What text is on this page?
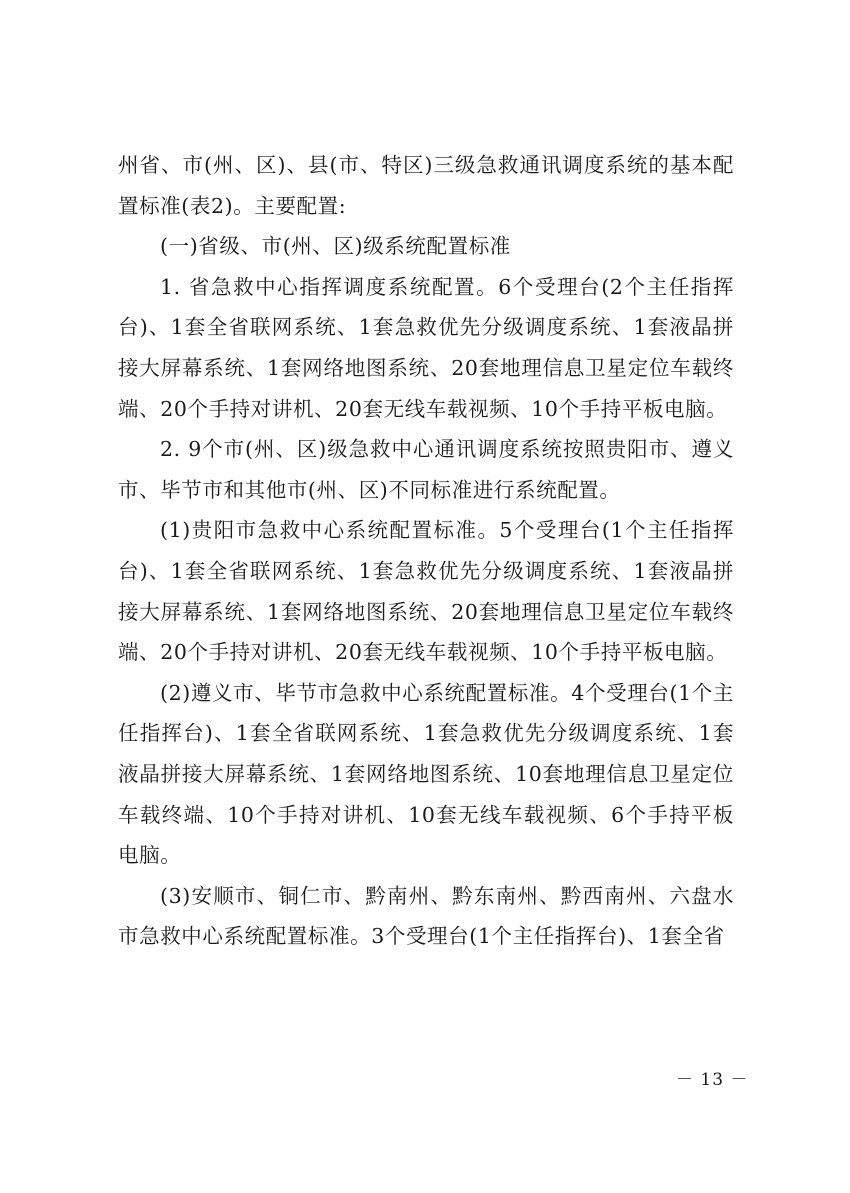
州省、市(州、区)、县(市、特区)三级急救通讯调度系统的基本配置标准(表2)。主要配置:

(一)省级、市(州、区)级系统配置标准

1. 省急救中心指挥调度系统配置。6个受理台(2个主任指挥台)、1套全省联网系统、1套急救优先分级调度系统、1套液晶拼接大屏幕系统、1套网络地图系统、20套地理信息卫星定位车载终端、20个手持对讲机、20套无线车载视频、10个手持平板电脑。

2. 9个市(州、区)级急救中心通讯调度系统按照贵阳市、遵义市、毕节市和其他市(州、区)不同标准进行系统配置。

(1)贵阳市急救中心系统配置标准。5个受理台(1个主任指挥台)、1套全省联网系统、1套急救优先分级调度系统、1套液晶拼接大屏幕系统、1套网络地图系统、20套地理信息卫星定位车载终端、20个手持对讲机、20套无线车载视频、10个手持平板电脑。

(2)遵义市、毕节市急救中心系统配置标准。4个受理台(1个主任指挥台)、1套全省联网系统、1套急救优先分级调度系统、1套液晶拼接大屏幕系统、1套网络地图系统、10套地理信息卫星定位车载终端、10个手持对讲机、10套无线车载视频、6个手持平板电脑。

(3)安顺市、铜仁市、黔南州、黔东南州、黔西南州、六盘水市急救中心系统配置标准。3个受理台(1个主任指挥台)、1套全省

－ 13 －
